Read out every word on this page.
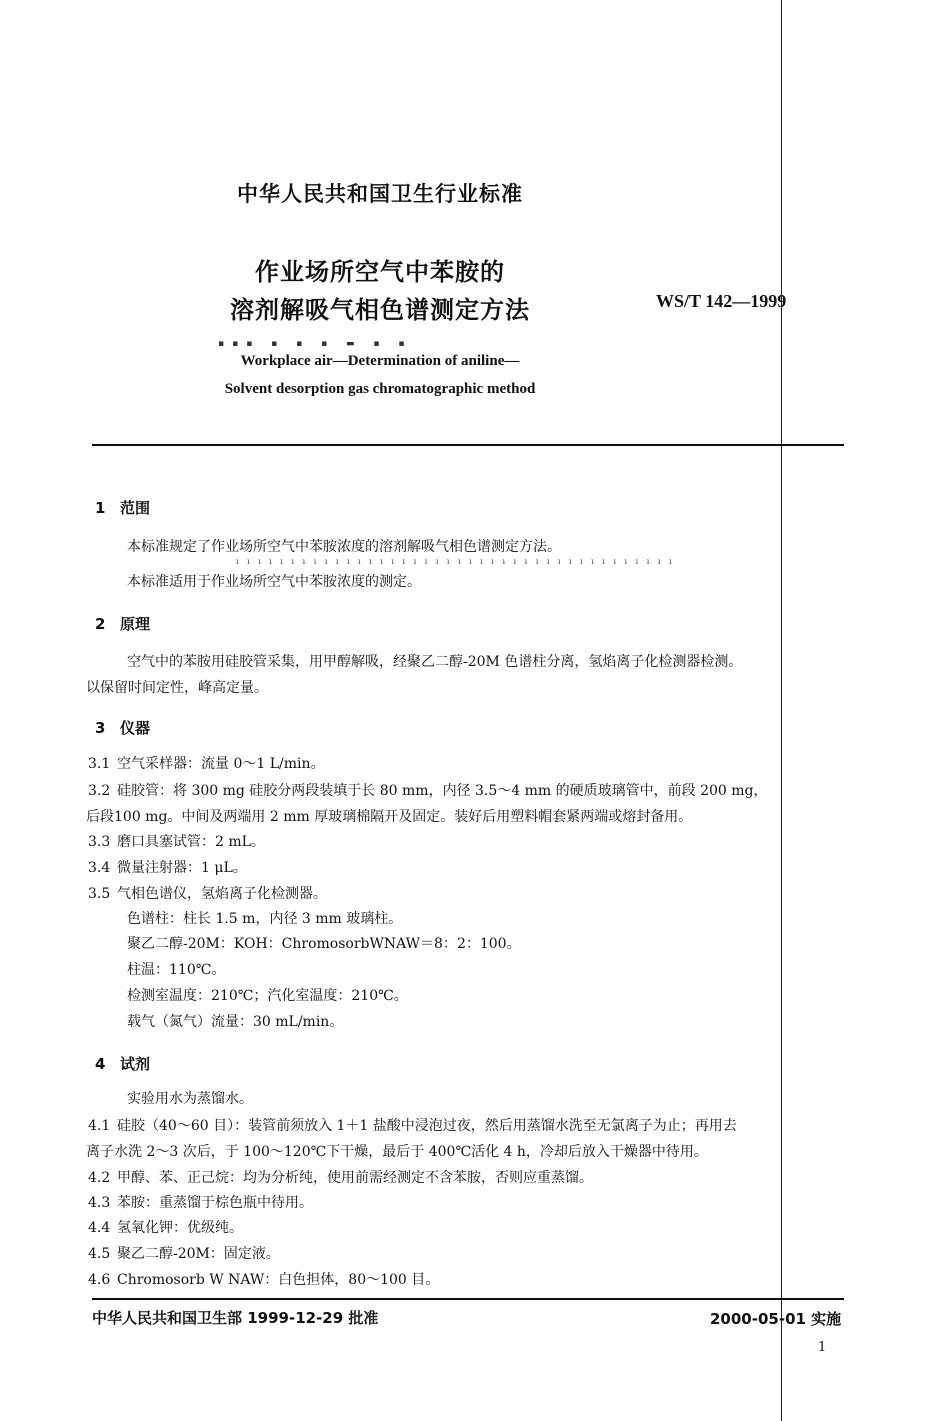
中华人民共和国卫生行业标准
作业场所空气中苯胺的
溶剂解吸气相色谱测定方法	WS/T 142—1999
▪▪▪ ▪ ▪ ▪ ▬ ▪ ▪
Workplace air—Determination of aniline—
Solvent desorption gas chromatographic method
1 范围
本标准规定了作业场所空气中苯胺浓度的溶剂解吸气相色谱测定方法。
ı ı ı ı ı ı ı ı ı ı ı ı ı ı ı ı ı ı ı ı ı ı ı ı ı ı ı ı ı ı ı ı ı ı ı ı ı ı ı ı
本标准适用于作业场所空气中苯胺浓度的测定。
2 原理
空气中的苯胺用硅胶管采集，用甲醇解吸，经聚乙二醇-20M 色谱柱分离，氢焰离子化检测器检测。
以保留时间定性，峰高定量。
3 仪器
3.1 空气采样器：流量 0～1 L/min。
3.2 硅胶管：将 300 mg 硅胶分两段装填于长 80 mm，内径 3.5～4 mm 的硬质玻璃管中，前段 200 mg，
后段100 mg。中间及两端用 2 mm 厚玻璃棉隔开及固定。装好后用塑料帽套紧两端或熔封备用。
3.3 磨口具塞试管：2 mL。
3.4 微量注射器：1 μL。
3.5 气相色谱仪，氢焰离子化检测器。
色谱柱：柱长 1.5 m，内径 3 mm 玻璃柱。
聚乙二醇-20M：KOH：ChromosorbWNAW＝8：2：100。
柱温：110℃。
检测室温度：210℃；汽化室温度：210℃。
载气（氮气）流量：30 mL/min。
4 试剂
实验用水为蒸馏水。
4.1 硅胶（40～60 目）：装管前须放入 1＋1 盐酸中浸泡过夜，然后用蒸馏水洗至无氯离子为止；再用去
离子水洗 2～3 次后，于 100～120℃下干燥，最后于 400℃活化 4 h，冷却后放入干燥器中待用。
4.2 甲醇、苯、正己烷：均为分析纯，使用前需经测定不含苯胺，否则应重蒸馏。
4.3 苯胺：重蒸馏于棕色瓶中待用。
4.4 氢氧化钾：优级纯。
4.5 聚乙二醇-20M：固定液。
4.6 Chromosorb W NAW：白色担体，80～100 目。
中华人民共和国卫生部 1999-12-29 批准	2000-05-01 实施
1
